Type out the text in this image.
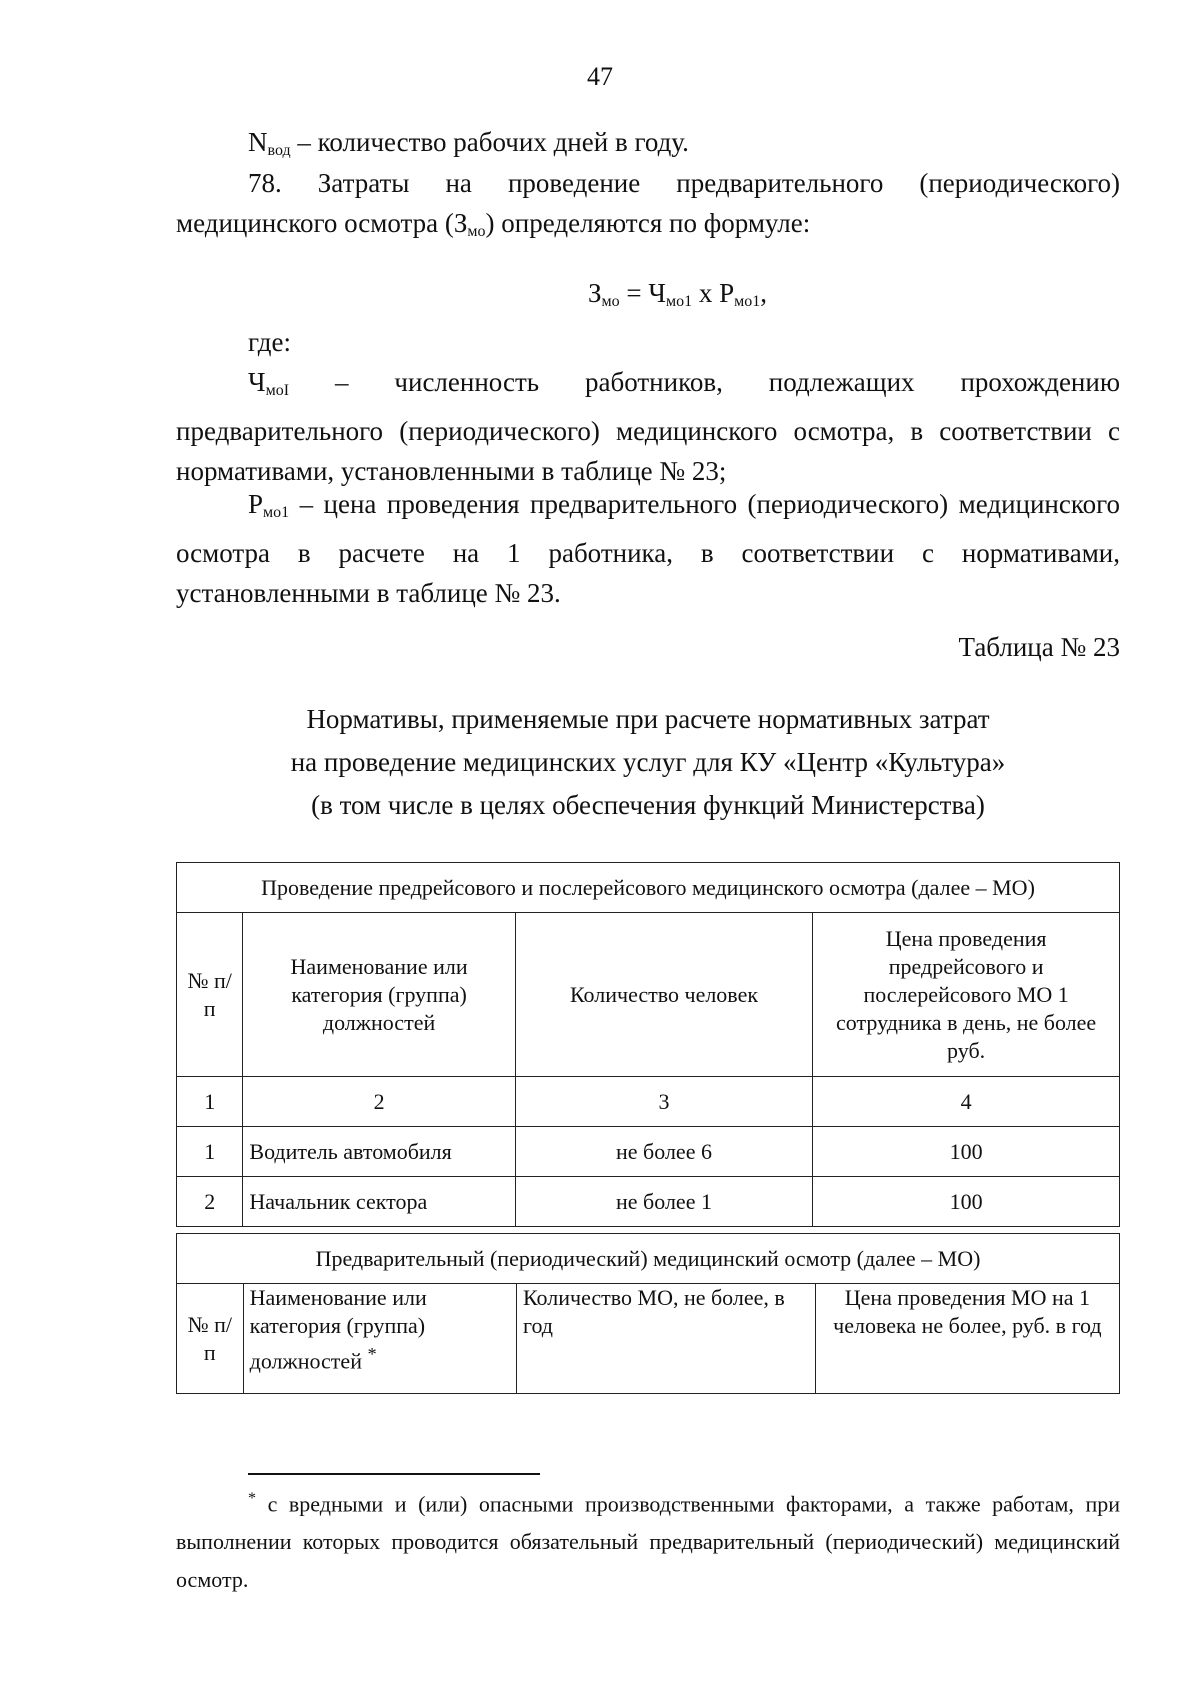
47

$N_{вод}$ – количество рабочих дней в году.

78. Затраты на проведение предварительного (периодического) медицинского осмотра $(З_{мо})$ определяются по формуле:

$З_{мо} = Ч_{мо1}$ х $Р_{мо1}$,

где:

$Ч_{моI}$ – численность работников, подлежащих прохождению предварительного (периодического) медицинского осмотра, в соответствии с нормативами, установленными в таблице № 23;

$Р_{мо1}$ – цена проведения предварительного (периодического) медицинского осмотра в расчете на 1 работника, в соответствии с нормативами, установленными в таблице № 23.

Таблица № 23
Нормативы, применяемые при расчете нормативных затрат
на проведение медицинских услуг для КУ «Центр «Культура»
(в том числе в целях обеспечения функций Министерства)
Проведение предрейсового и послерейсового медицинского осмотра (далее – МО)			
№ п/п	Наименование или категория (группа) должностей	Количество человек	Цена проведения предрейсового и послерейсового МО 1 сотрудника в день, не более руб.
1	2	3	4
1	Водитель автомобиля	не более 6	100
2	Начальник сектора	не более 1	100
Предварительный (периодический) медицинский осмотр (далее – МО)
№ п/п	Наименование или категория (группа) должностей *	Количество МО, не более, в год	Цена проведения МО на 1 человека не более, руб. в год

* с вредными и (или) опасными производственными факторами, а также работам, при выполнении которых проводится обязательный предварительный (периодический) медицинский осмотр.
